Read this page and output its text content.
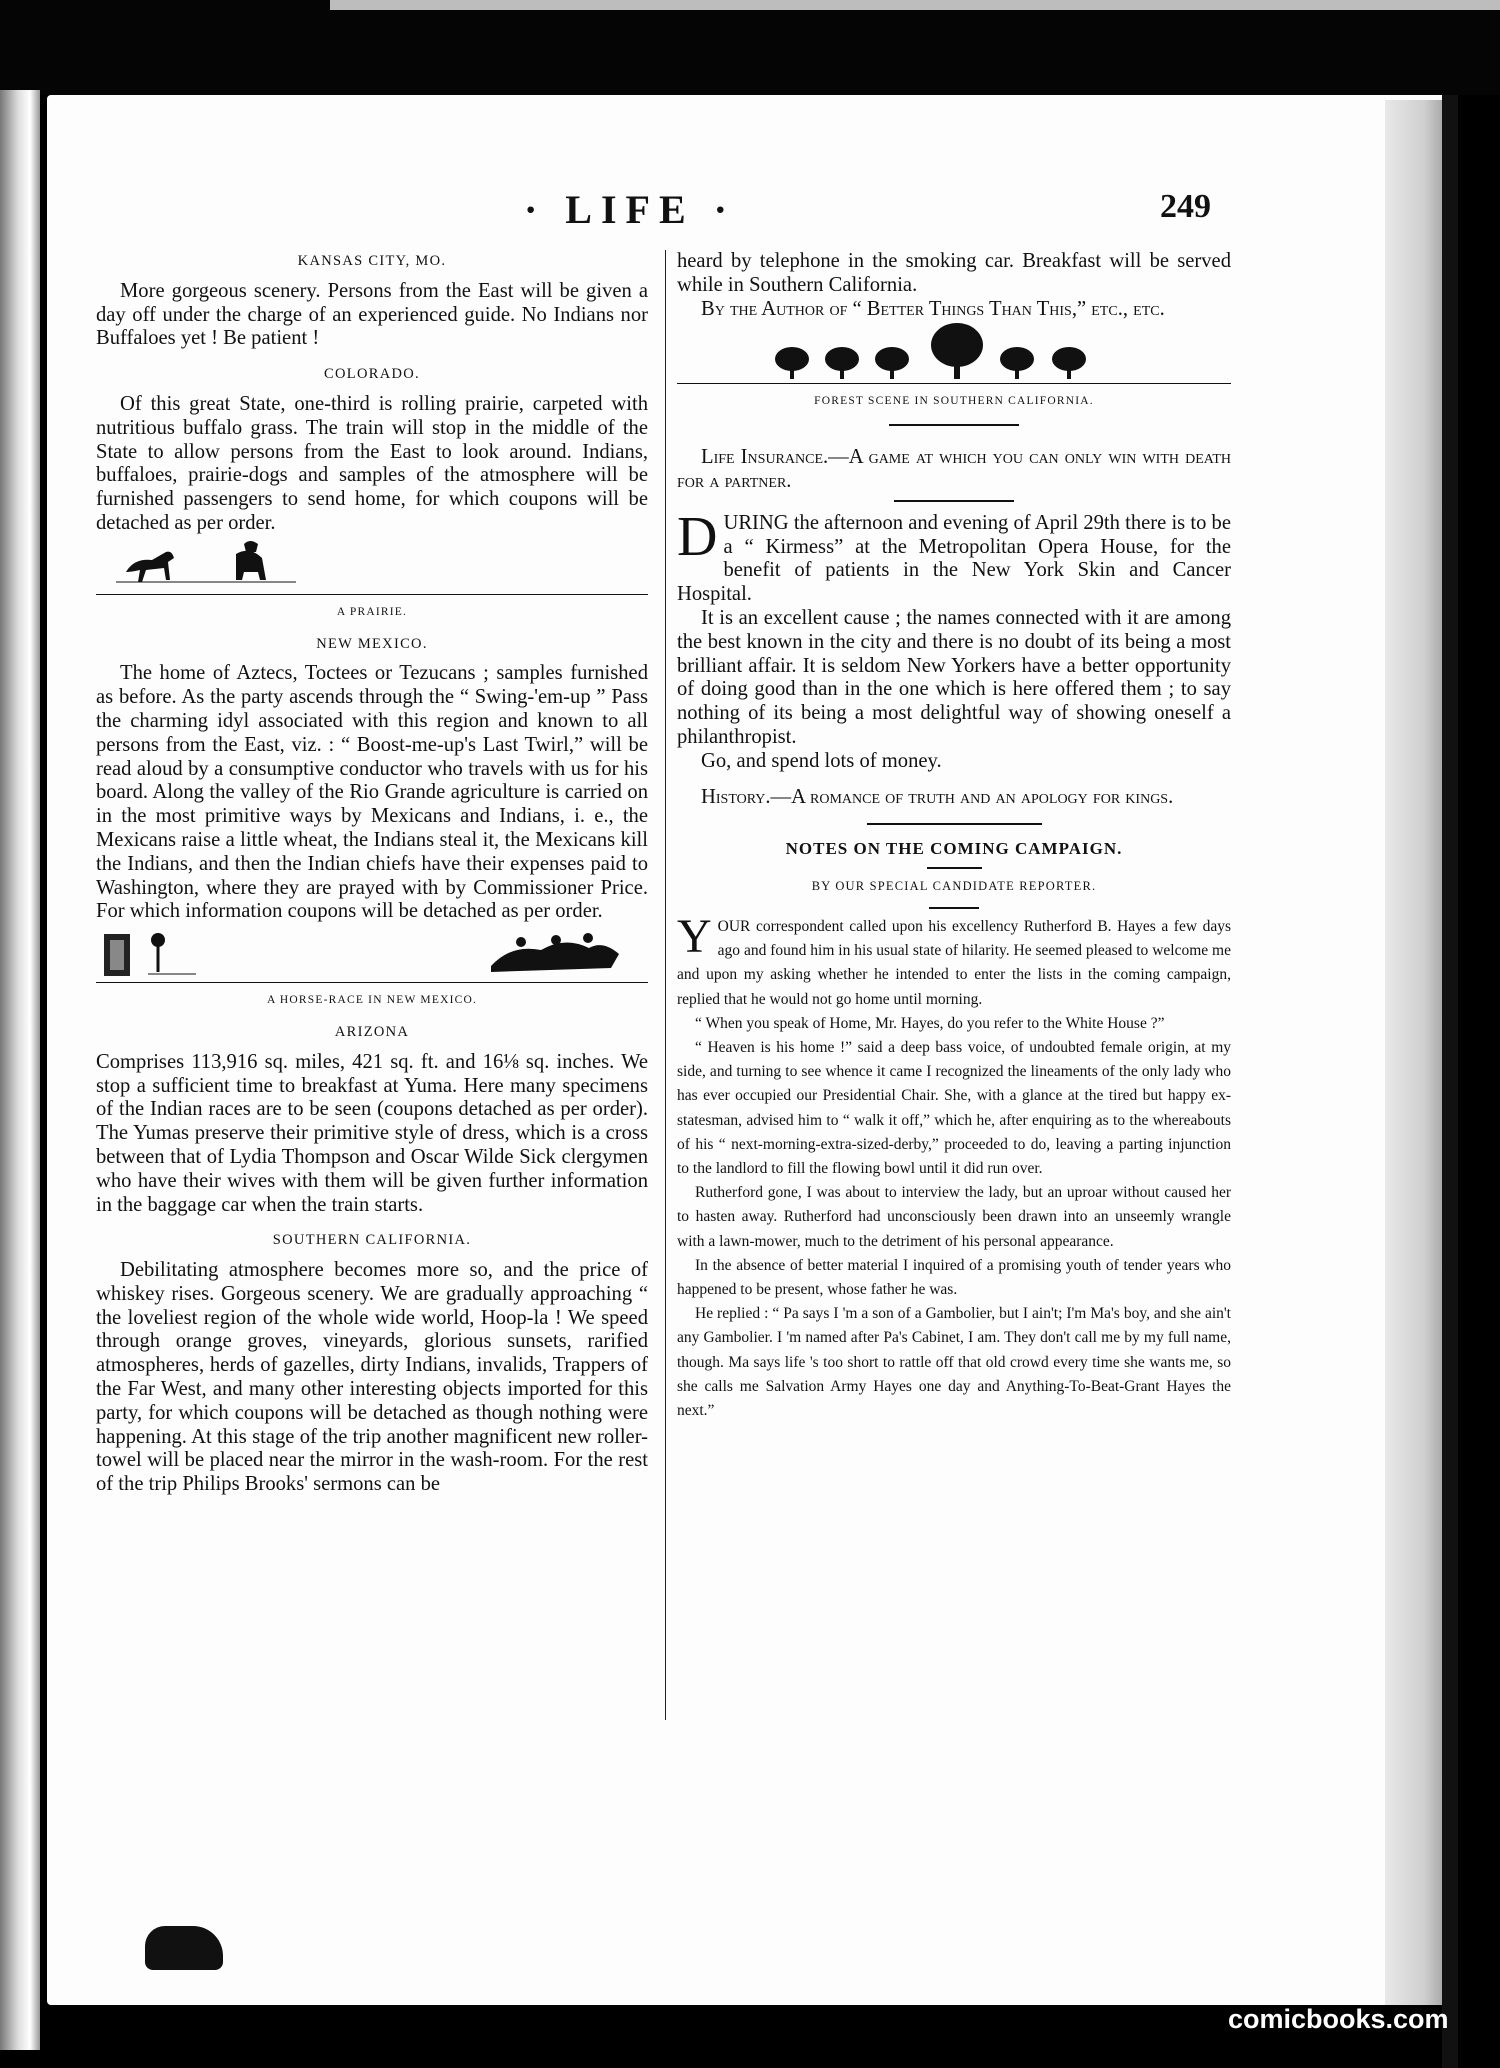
· LIFE ·	249
KANSAS CITY, MO.

More gorgeous scenery. Persons from the East will be given a day off under the charge of an experienced guide. No Indians nor Buffaloes yet ! Be patient !

COLORADO.

Of this great State, one-third is rolling prairie, carpeted with nutritious buffalo grass. The train will stop in the middle of the State to allow persons from the East to look around. Indians, buffaloes, prairie-dogs and samples of the atmosphere will be furnished passengers to send home, for which coupons will be detached as per order.

A PRAIRIE.
NEW MEXICO.

The home of Aztecs, Toctees or Tezucans ; samples furnished as before. As the party ascends through the “ Swing-'em-up ” Pass the charming idyl associated with this region and known to all persons from the East, viz. : “ Boost-me-up's Last Twirl,” will be read aloud by a consumptive conductor who travels with us for his board. Along the valley of the Rio Grande agriculture is carried on in the most primitive ways by Mexicans and Indians, i. e., the Mexicans raise a little wheat, the Indians steal it, the Mexicans kill the Indians, and then the Indian chiefs have their expenses paid to Washington, where they are prayed with by Commissioner Price. For which information coupons will be detached as per order.

A HORSE-RACE IN NEW MEXICO.
ARIZONA

Comprises 113,916 sq. miles, 421 sq. ft. and 16⅛ sq. inches. We stop a sufficient time to breakfast at Yuma. Here many specimens of the Indian races are to be seen (coupons detached as per order). The Yumas preserve their primitive style of dress, which is a cross between that of Lydia Thompson and Oscar Wilde Sick clergymen who have their wives with them will be given further information in the baggage car when the train starts.

SOUTHERN CALIFORNIA.

Debilitating atmosphere becomes more so, and the price of whiskey rises. Gorgeous scenery. We are gradually approaching “ the loveliest region of the whole wide world, Hoop-la ! We speed through orange groves, vineyards, glorious sunsets, rarified atmospheres, herds of gazelles, dirty Indians, invalids, Trappers of the Far West, and many other interesting objects imported for this party, for which coupons will be detached as though nothing were happening. At this stage of the trip another magnificent new roller-towel will be placed near the mirror in the wash-room. For the rest of the trip Philips Brooks' sermons can be

heard by telephone in the smoking car. Breakfast will be served while in Southern California.

By the Author of “ Better Things Than This,” etc., etc.

FOREST SCENE IN SOUTHERN CALIFORNIA.

Life Insurance.—A game at which you can only win with death for a partner.

D URING the afternoon and evening of April 29th there is to be a “ Kirmess” at the Metropolitan Opera House, for the benefit of patients in the New York Skin and Cancer Hospital.

It is an excellent cause ; the names connected with it are among the best known in the city and there is no doubt of its being a most brilliant affair. It is seldom New Yorkers have a better opportunity of doing good than in the one which is here offered them ; to say nothing of its being a most delightful way of showing oneself a philanthropist.

Go, and spend lots of money.

History.—A romance of truth and an apology for kings.

NOTES ON THE COMING CAMPAIGN.
BY OUR SPECIAL CANDIDATE REPORTER.
Y OUR correspondent called upon his excellency Rutherford B. Hayes a few days ago and found him in his usual state of hilarity. He seemed pleased to welcome me and upon my asking whether he intended to enter the lists in the coming campaign, replied that he would not go home until morning.

“ When you speak of Home, Mr. Hayes, do you refer to the White House ?”

“ Heaven is his home !” said a deep bass voice, of undoubted female origin, at my side, and turning to see whence it came I recognized the lineaments of the only lady who has ever occupied our Presidential Chair. She, with a glance at the tired but happy ex-statesman, advised him to “ walk it off,” which he, after enquiring as to the whereabouts of his “ next-morning-extra-sized-derby,” proceeded to do, leaving a parting injunction to the landlord to fill the flowing bowl until it did run over.

Rutherford gone, I was about to interview the lady, but an uproar without caused her to hasten away. Rutherford had unconsciously been drawn into an unseemly wrangle with a lawn-mower, much to the detriment of his personal appearance.

In the absence of better material I inquired of a promising youth of tender years who happened to be present, whose father he was.

He replied : “ Pa says I 'm a son of a Gambolier, but I ain't; I'm Ma's boy, and she ain't any Gambolier. I 'm named after Pa's Cabinet, I am. They don't call me by my full name, though. Ma says life 's too short to rattle off that old crowd every time she wants me, so she calls me Salvation Army Hayes one day and Anything-To-Beat-Grant Hayes the next.”

comicbooks.com
